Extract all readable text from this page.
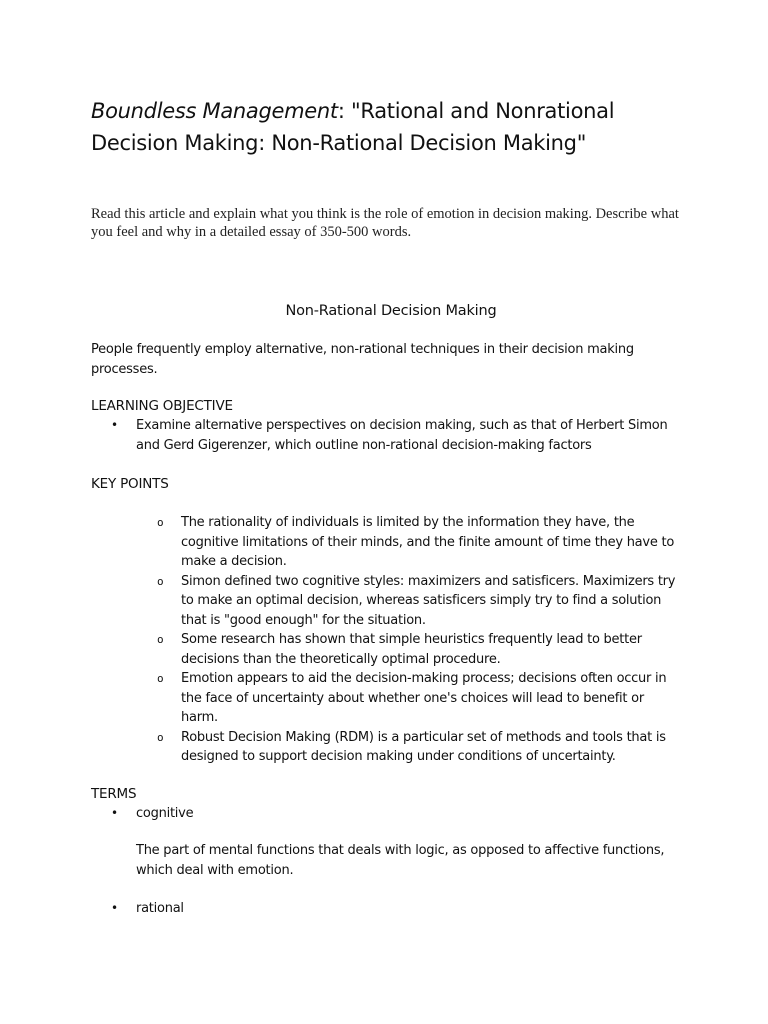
Boundless Management: "Rational and Nonrational Decision Making: Non-Rational Decision Making"

Read this article and explain what you think is the role of emotion in decision making. Describe what you feel and why in a detailed essay of 350-500 words.

Non-Rational Decision Making

People frequently employ alternative, non-rational techniques in their decision making processes.

LEARNING OBJECTIVE
• Examine alternative perspectives on decision making, such as that of Herbert Simon and Gerd Gigerenzer, which outline non-rational decision-making factors
KEY POINTS
o The rationality of individuals is limited by the information they have, the cognitive limitations of their minds, and the finite amount of time they have to make a decision.
o Simon defined two cognitive styles: maximizers and satisficers. Maximizers try to make an optimal decision, whereas satisficers simply try to find a solution that is "good enough" for the situation.
o Some research has shown that simple heuristics frequently lead to better decisions than the theoretically optimal procedure.
o Emotion appears to aid the decision-making process; decisions often occur in the face of uncertainty about whether one's choices will lead to benefit or harm.
o Robust Decision Making (RDM) is a particular set of methods and tools that is designed to support decision making under conditions of uncertainty.
TERMS
• cognitive

The part of mental functions that deals with logic, as opposed to affective functions, which deal with emotion.

• rational
